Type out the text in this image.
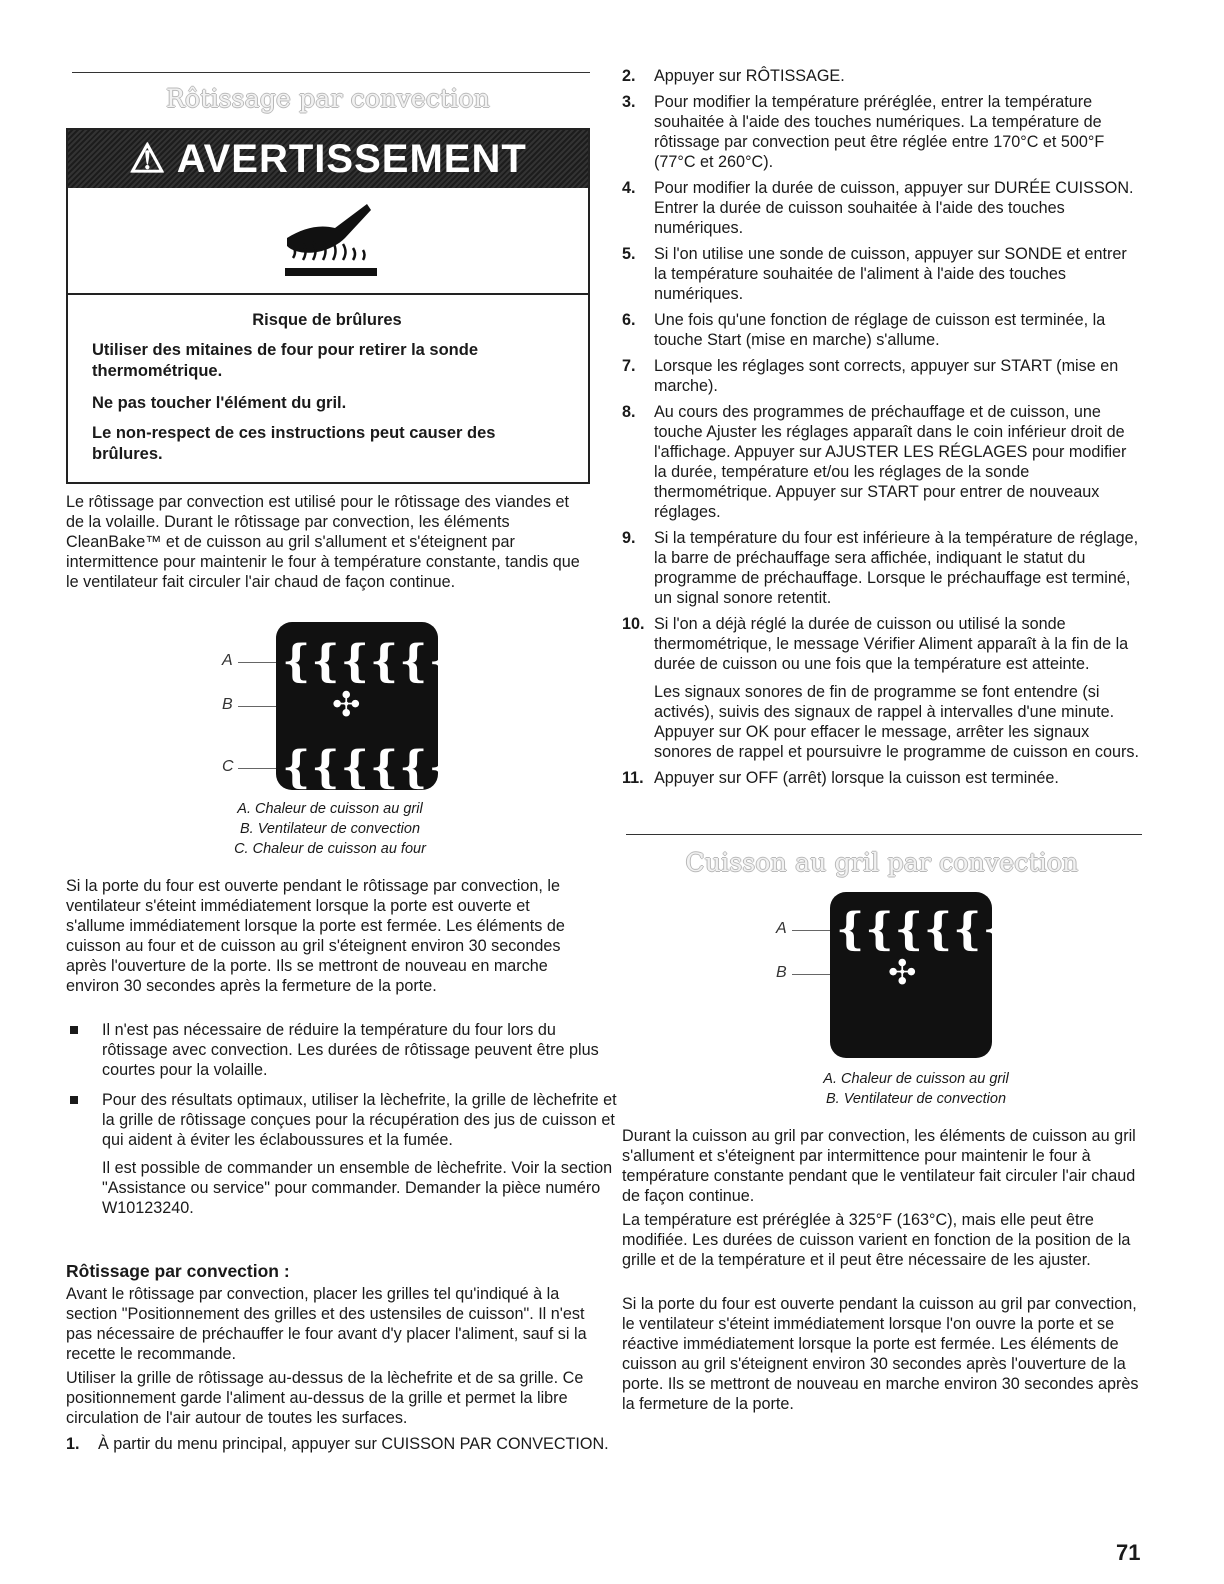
Rôtissage par convection
⚠ AVERTISSEMENT
Risque de brûlures
Utiliser des mitaines de four pour retirer la sonde thermométrique.
Ne pas toucher l'élément du gril.
Le non-respect de ces instructions peut causer des brûlures.

Le rôtissage par convection est utilisé pour le rôtissage des viandes et de la volaille. Durant le rôtissage par convection, les éléments CleanBake™ et de cuisson au gril s'allument et s'éteignent par intermittence pour maintenir le four à température constante, tandis que le ventilateur fait circuler l'air chaud de façon continue.

A
B
C
{{{{{{{{
✣
{{{{{{{{
A. Chaleur de cuisson au gril
B. Ventilateur de convection
C. Chaleur de cuisson au four

Si la porte du four est ouverte pendant le rôtissage par convection, le ventilateur s'éteint immédiatement lorsque la porte est ouverte et s'allume immédiatement lorsque la porte est fermée. Les éléments de cuisson au four et de cuisson au gril s'éteignent environ 30 secondes après l'ouverture de la porte. Ils se mettront de nouveau en marche environ 30 secondes après la fermeture de la porte.

Il n'est pas nécessaire de réduire la température du four lors du rôtissage avec convection. Les durées de rôtissage peuvent être plus courtes pour la volaille.

Pour des résultats optimaux, utiliser la lèchefrite, la grille de lèchefrite et la grille de rôtissage conçues pour la récupération des jus de cuisson et qui aident à éviter les éclaboussures et la fumée.

Il est possible de commander un ensemble de lèchefrite. Voir la section "Assistance ou service" pour commander. Demander la pièce numéro W10123240.

Rôtissage par convection :

Avant le rôtissage par convection, placer les grilles tel qu'indiqué à la section "Positionnement des grilles et des ustensiles de cuisson". Il n'est pas nécessaire de préchauffer le four avant d'y placer l'aliment, sauf si la recette le recommande.

Utiliser la grille de rôtissage au-dessus de la lèchefrite et de sa grille. Ce positionnement garde l'aliment au-dessus de la grille et permet la libre circulation de l'air autour de toutes les surfaces.

1. À partir du menu principal, appuyer sur CUISSON PAR CONVECTION.

2. Appuyer sur RÔTISSAGE.

3. Pour modifier la température préréglée, entrer la température souhaitée à l'aide des touches numériques. La température de rôtissage par convection peut être réglée entre 170°C et 500°F (77°C et 260°C).

4. Pour modifier la durée de cuisson, appuyer sur DURÉE CUISSON. Entrer la durée de cuisson souhaitée à l'aide des touches numériques.

5. Si l'on utilise une sonde de cuisson, appuyer sur SONDE et entrer la température souhaitée de l'aliment à l'aide des touches numériques.

6. Une fois qu'une fonction de réglage de cuisson est terminée, la touche Start (mise en marche) s'allume.

7. Lorsque les réglages sont corrects, appuyer sur START (mise en marche).

8. Au cours des programmes de préchauffage et de cuisson, une touche Ajuster les réglages apparaît dans le coin inférieur droit de l'affichage. Appuyer sur AJUSTER LES RÉGLAGES pour modifier la durée, température et/ou les réglages de la sonde thermométrique. Appuyer sur START pour entrer de nouveaux réglages.

9. Si la température du four est inférieure à la température de réglage, la barre de préchauffage sera affichée, indiquant le statut du programme de préchauffage. Lorsque le préchauffage est terminé, un signal sonore retentit.

10. Si l'on a déjà réglé la durée de cuisson ou utilisé la sonde thermométrique, le message Vérifier Aliment apparaît à la fin de la durée de cuisson ou une fois que la température est atteinte.

Les signaux sonores de fin de programme se font entendre (si activés), suivis des signaux de rappel à intervalles d'une minute. Appuyer sur OK pour effacer le message, arrêter les signaux sonores de rappel et poursuivre le programme de cuisson en cours.

11. Appuyer sur OFF (arrêt) lorsque la cuisson est terminée.

Cuisson au gril par convection
A
B
{{{{{{{{
✣
A. Chaleur de cuisson au gril
B. Ventilateur de convection

Durant la cuisson au gril par convection, les éléments de cuisson au gril s'allument et s'éteignent par intermittence pour maintenir le four à température constante pendant que le ventilateur fait circuler l'air chaud de façon continue.

La température est préréglée à 325°F (163°C), mais elle peut être modifiée. Les durées de cuisson varient en fonction de la position de la grille et de la température et il peut être nécessaire de les ajuster.

Si la porte du four est ouverte pendant la cuisson au gril par convection, le ventilateur s'éteint immédiatement lorsque l'on ouvre la porte et se réactive immédiatement lorsque la porte est fermée. Les éléments de cuisson au gril s'éteignent environ 30 secondes après l'ouverture de la porte. Ils se mettront de nouveau en marche environ 30 secondes après la fermeture de la porte.

71
